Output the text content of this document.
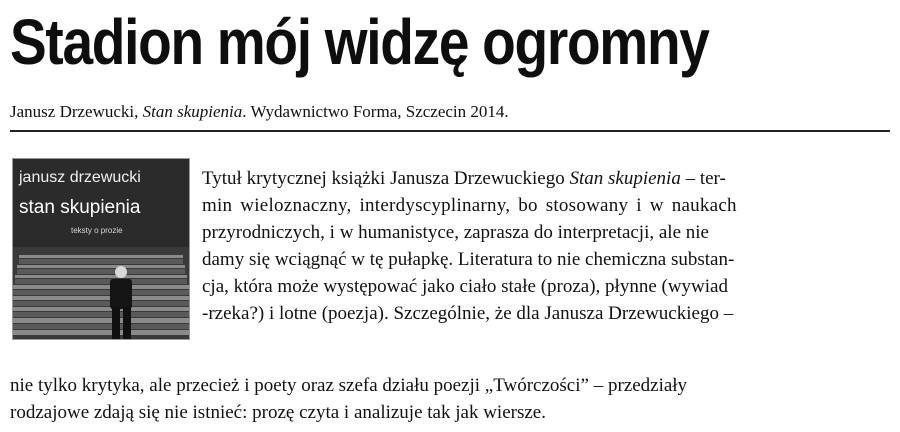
Stadion mój widzę ogromny
Janusz Drzewucki, Stan skupienia. Wydawnictwo Forma, Szczecin 2014.
janusz drzewucki
stan skupienia
teksty o prozie
Tytuł krytycznej książki Janusza Drzewuckiego Stan skupienia – ter-
min wieloznaczny, interdyscyplinarny, bo stosowany i w naukach
przyrodniczych, i w humanistyce, zaprasza do interpretacji, ale nie
damy się wciągnąć w tę pułapkę. Literatura to nie chemiczna substan-
cja, która może występować jako ciało stałe (proza), płynne (wywiad
-rzeka?) i lotne (poezja). Szczególnie, że dla Janusza Drzewuckiego –
nie tylko krytyka, ale przecież i poety oraz szefa działu poezji „Twórczości” – przedziały
rodzajowe zdają się nie istnieć: prozę czyta i analizuje tak jak wiersze.
